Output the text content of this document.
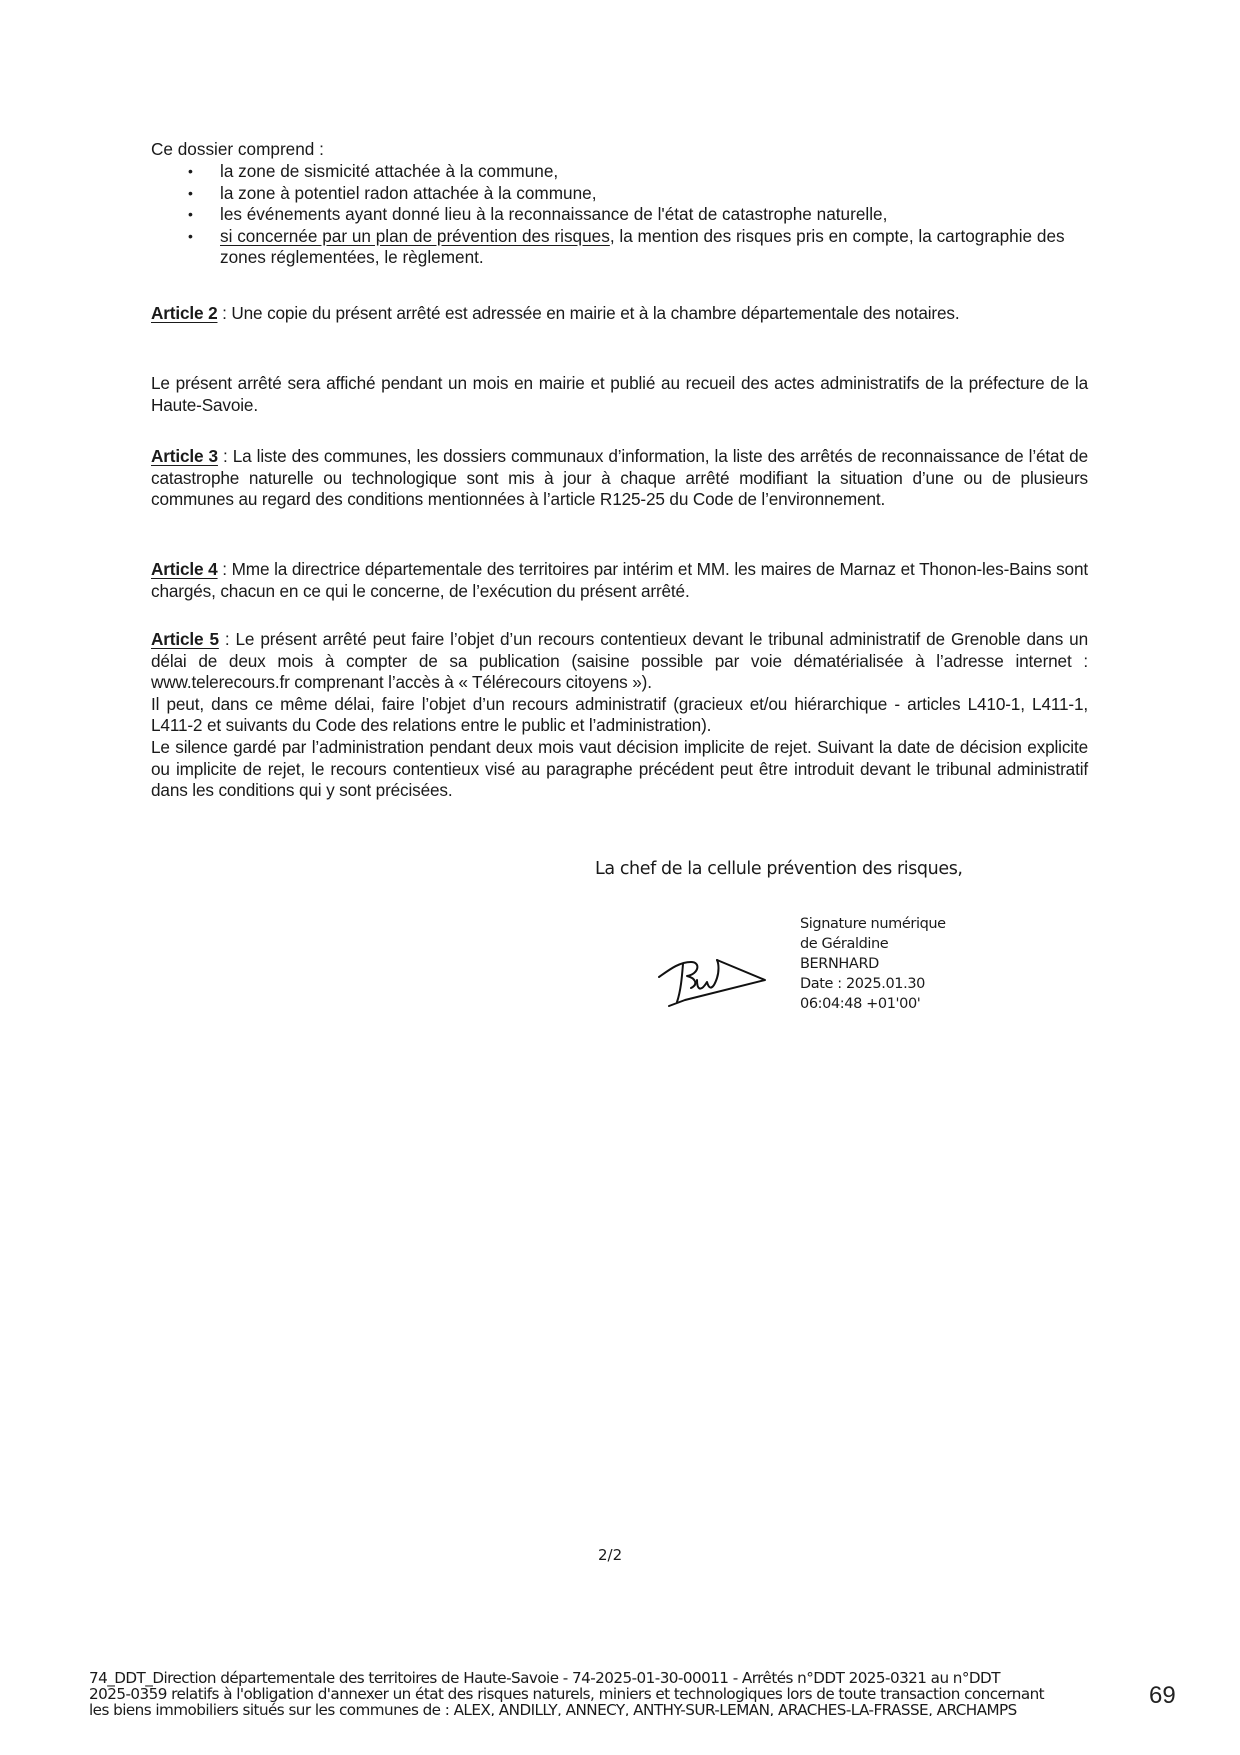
Ce dossier comprend :
• la zone de sismicité attachée à la commune,
• la zone à potentiel radon attachée à la commune,
• les événements ayant donné lieu à la reconnaissance de l'état de catastrophe naturelle,
• si concernée par un plan de prévention des risques, la mention des risques pris en compte, la cartographie des zones réglementées, le règlement.

Article 2 : Une copie du présent arrêté est adressée en mairie et à la chambre départementale des notaires.

Le présent arrêté sera affiché pendant un mois en mairie et publié au recueil des actes administratifs de la préfecture de la Haute-Savoie.

Article 3 : La liste des communes, les dossiers communaux d’information, la liste des arrêtés de reconnaissance de l’état de catastrophe naturelle ou technologique sont mis à jour à chaque arrêté modifiant la situation d’une ou de plusieurs communes au regard des conditions mentionnées à l’article R125-25 du Code de l’environnement.

Article 4 : Mme la directrice départementale des territoires par intérim et MM. les maires de Marnaz et Thonon-les-Bains sont chargés, chacun en ce qui le concerne, de l’exécution du présent arrêté.

Article 5 : Le présent arrêté peut faire l’objet d’un recours contentieux devant le tribunal administratif de Grenoble dans un délai de deux mois à compter de sa publication (saisine possible par voie dématérialisée à l’adresse internet : www.telerecours.fr comprenant l’accès à « Télérecours citoyens »).

Il peut, dans ce même délai, faire l’objet d’un recours administratif (gracieux et/ou hiérarchique - articles L410-1, L411-1, L411-2 et suivants du Code des relations entre le public et l’administration).

Le silence gardé par l’administration pendant deux mois vaut décision implicite de rejet. Suivant la date de décision explicite ou implicite de rejet, le recours contentieux visé au paragraphe précédent peut être introduit devant le tribunal administratif dans les conditions qui y sont précisées.

La chef de la cellule prévention des risques,
Signature numérique
de Géraldine
BERNHARD
Date : 2025.01.30
06:04:48 +01'00'
2/2
74_DDT_Direction départementale des territoires de Haute-Savoie - 74-2025-01-30-00011 - Arrêtés n°DDT 2025-0321 au n°DDT
2025-0359 relatifs à l'obligation d'annexer un état des risques naturels, miniers et technologiques lors de toute transaction concernant
les biens immobiliers situés sur les communes de : ALEX, ANDILLY, ANNECY, ANTHY-SUR-LEMAN, ARACHES-LA-FRASSE, ARCHAMPS
69
